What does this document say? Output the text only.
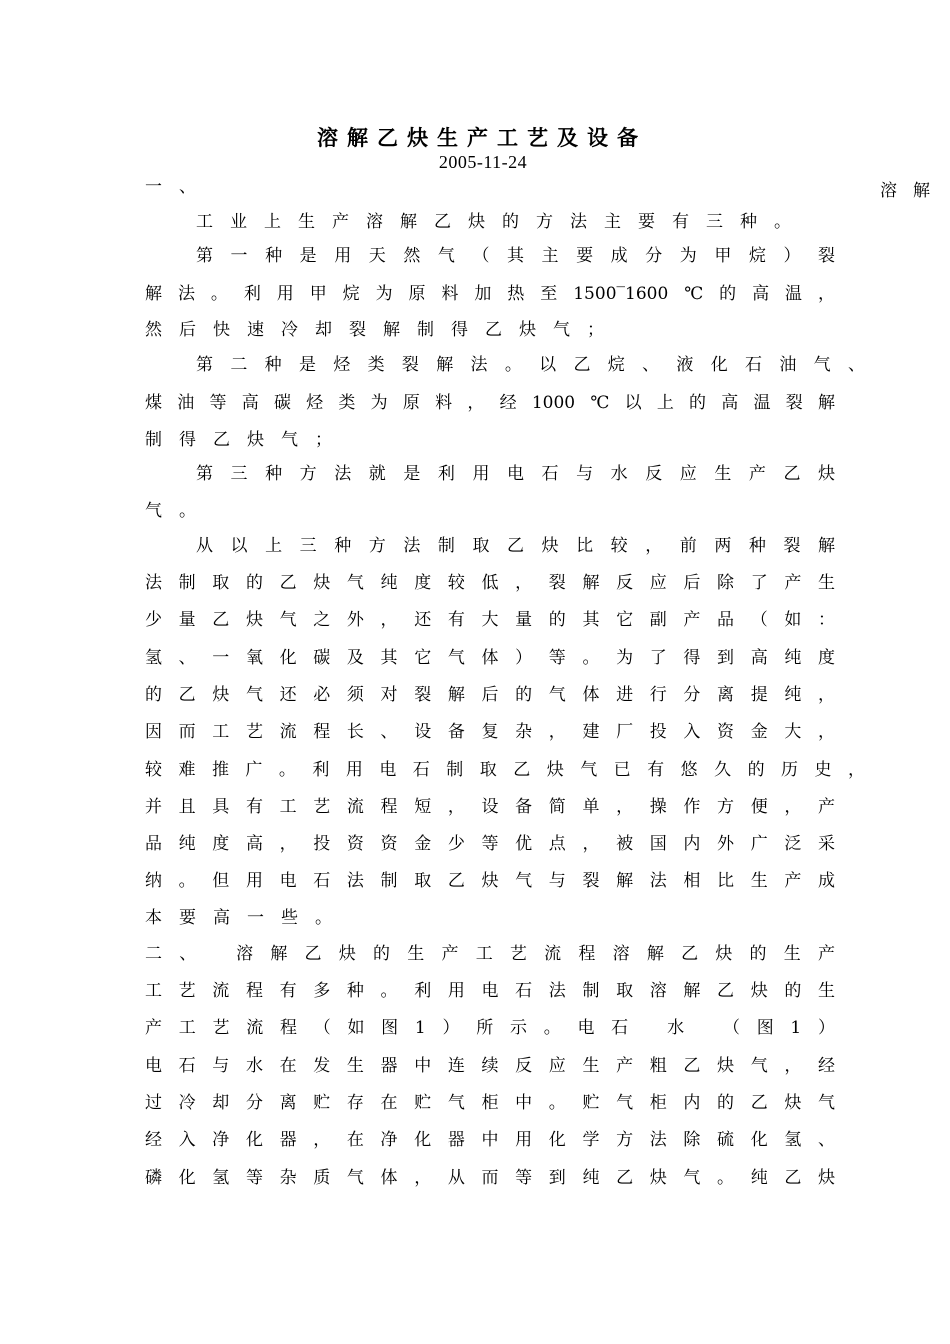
溶解乙炔生产工艺及设备
2005-11-24
溶解
一、
工业上生产溶解乙炔的方法主要有三种。
第一种是用天然气（其主要成分为甲烷）裂
解法。利用甲烷为原料加热至1500‾1600℃的高温，
然后快速冷却裂解制得乙炔气；
第二种是烃类裂解法。以乙烷、液化石油气、
煤油等高碳烃类为原料，经1000℃以上的高温裂解
制得乙炔气；
第三种方法就是利用电石与水反应生产乙炔
气。
从以上三种方法制取乙炔比较，前两种裂解
法制取的乙炔气纯度较低，裂解反应后除了产生
少量乙炔气之外，还有大量的其它副产品（如：
氢、一氧化碳及其它气体）等。为了得到高纯度
的乙炔气还必须对裂解后的气体进行分离提纯，
因而工艺流程长、设备复杂，建厂投入资金大，
较难推广。利用电石制取乙炔气已有悠久的历史，
并且具有工艺流程短，设备简单，操作方便，产
品纯度高，投资资金少等优点，被国内外广泛采
纳。但用电石法制取乙炔气与裂解法相比生产成
本要高一些。
二、 溶解乙炔的生产工艺流程溶解乙炔的生产
工艺流程有多种。利用电石法制取溶解乙炔的生
产工艺流程（如图1）所示。电石 水 （图1）
电石与水在发生器中连续反应生产粗乙炔气，经
过冷却分离贮存在贮气柜中。贮气柜内的乙炔气
经入净化器，在净化器中用化学方法除硫化氢、
磷化氢等杂质气体，从而等到纯乙炔气。纯乙炔
